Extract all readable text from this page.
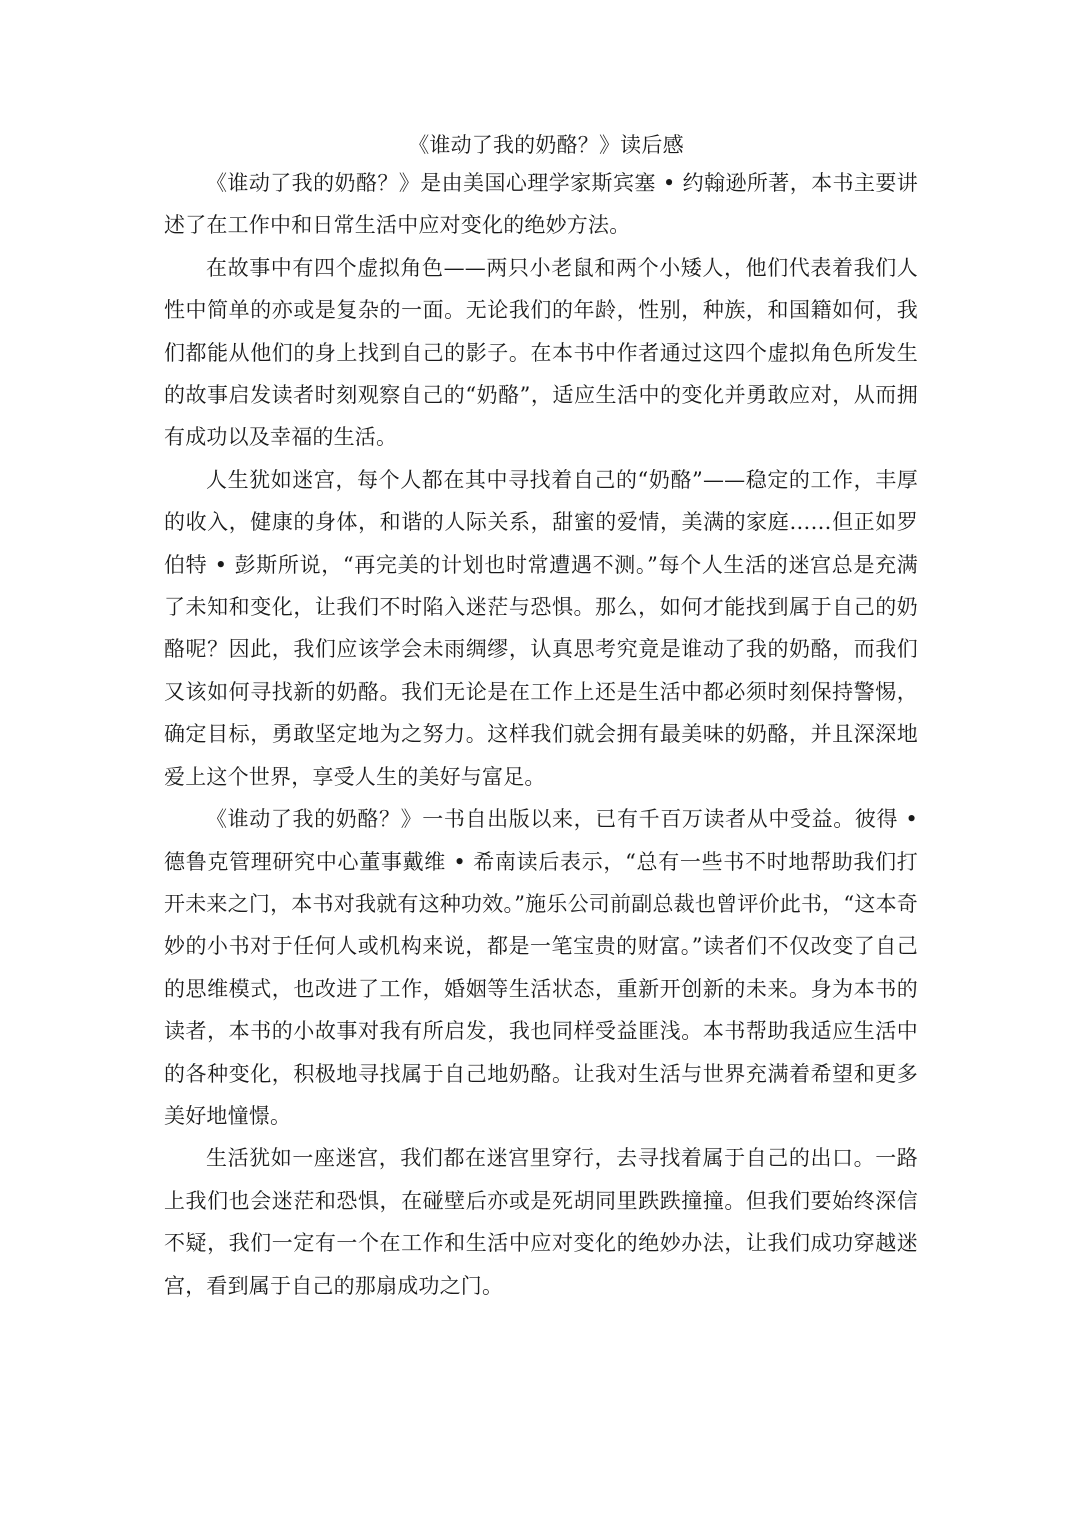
《谁动了我的奶酪？》读后感

《谁动了我的奶酪？》是由美国心理学家斯宾塞 • 约翰逊所著，本书主要讲述了在工作中和日常生活中应对变化的绝妙方法。

在故事中有四个虚拟角色——两只小老鼠和两个小矮人，他们代表着我们人性中简单的亦或是复杂的一面。无论我们的年龄，性别，种族，和国籍如何，我们都能从他们的身上找到自己的影子。在本书中作者通过这四个虚拟角色所发生的故事启发读者时刻观察自己的“奶酪”，适应生活中的变化并勇敢应对，从而拥有成功以及幸福的生活。

人生犹如迷宫，每个人都在其中寻找着自己的“奶酪”——稳定的工作，丰厚的收入，健康的身体，和谐的人际关系，甜蜜的爱情，美满的家庭……但正如罗伯特 • 彭斯所说，“再完美的计划也时常遭遇不测。”每个人生活的迷宫总是充满了未知和变化，让我们不时陷入迷茫与恐惧。那么，如何才能找到属于自己的奶酪呢？因此，我们应该学会未雨绸缪，认真思考究竟是谁动了我的奶酪，而我们又该如何寻找新的奶酪。我们无论是在工作上还是生活中都必须时刻保持警惕，确定目标，勇敢坚定地为之努力。这样我们就会拥有最美味的奶酪，并且深深地爱上这个世界，享受人生的美好与富足。

《谁动了我的奶酪？》一书自出版以来，已有千百万读者从中受益。彼得 •德鲁克管理研究中心董事戴维 • 希南读后表示，“总有一些书不时地帮助我们打开未来之门，本书对我就有这种功效。”施乐公司前副总裁也曾评价此书，“这本奇妙的小书对于任何人或机构来说，都是一笔宝贵的财富。”读者们不仅改变了自己的思维模式，也改进了工作，婚姻等生活状态，重新开创新的未来。身为本书的读者，本书的小故事对我有所启发，我也同样受益匪浅。本书帮助我适应生活中的各种变化，积极地寻找属于自己地奶酪。让我对生活与世界充满着希望和更多美好地憧憬。

生活犹如一座迷宫，我们都在迷宫里穿行，去寻找着属于自己的出口。一路上我们也会迷茫和恐惧，在碰壁后亦或是死胡同里跌跌撞撞。但我们要始终深信不疑，我们一定有一个在工作和生活中应对变化的绝妙办法，让我们成功穿越迷宫，看到属于自己的那扇成功之门。
